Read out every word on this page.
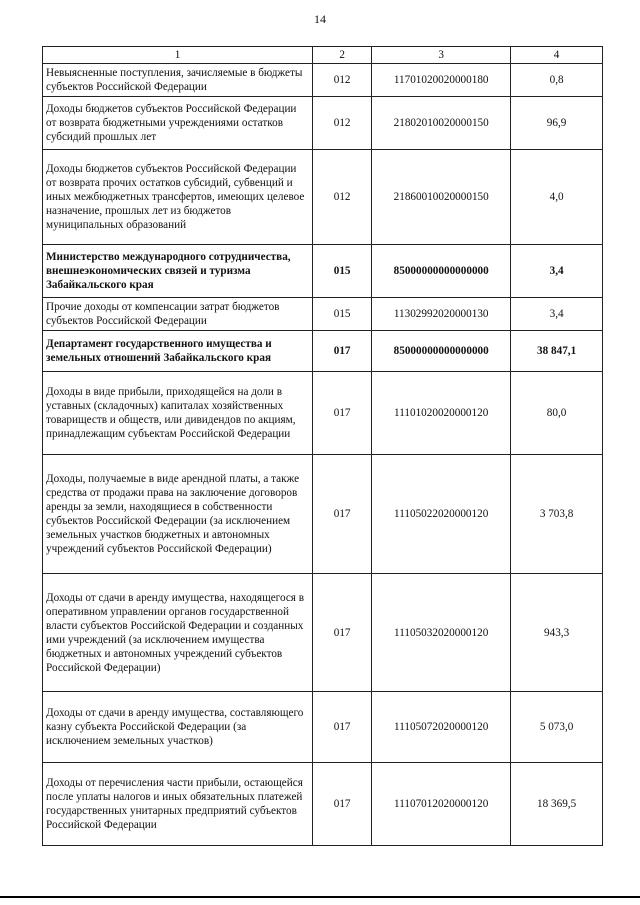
14
1	2	3	4
Невыясненные поступления, зачисляемые в бюджеты субъектов Российской Федерации	012	11701020020000180	0,8
Доходы бюджетов субъектов Российской Федерации от возврата бюджетными учреждениями остатков субсидий прошлых лет	012	21802010020000150	96,9
Доходы бюджетов субъектов Российской Федерации от возврата прочих остатков субсидий, субвенций и иных межбюджетных трансфертов, имеющих целевое назначение, прошлых лет из бюджетов муниципальных образований	012	21860010020000150	4,0
Министерство международного сотрудничества, внешнеэкономических связей и туризма Забайкальского края	015	85000000000000000	3,4
Прочие доходы от компенсации затрат бюджетов субъектов Российской Федерации	015	11302992020000130	3,4
Департамент государственного имущества и земельных отношений Забайкальского края	017	85000000000000000	38 847,1
Доходы в виде прибыли, приходящейся на доли в уставных (складочных) капиталах хозяйственных товариществ и обществ, или дивидендов по акциям, принадлежащим субъектам Российской Федерации	017	11101020020000120	80,0
Доходы, получаемые в виде арендной платы, а также средства от продажи права на заключение договоров аренды за земли, находящиеся в собственности субъектов Российской Федерации (за исключением земельных участков бюджетных и автономных учреждений субъектов Российской Федерации)	017	11105022020000120	3 703,8
Доходы от сдачи в аренду имущества, находящегося в оперативном управлении органов государственной власти субъектов Российской Федерации и созданных ими учреждений (за исключением имущества бюджетных и автономных учреждений субъектов Российской Федерации)	017	11105032020000120	943,3
Доходы от сдачи в аренду имущества, составляющего казну субъекта Российской Федерации (за исключением земельных участков)	017	11105072020000120	5 073,0
Доходы от перечисления части прибыли, остающейся после уплаты налогов и иных обязательных платежей государственных унитарных предприятий субъектов Российской Федерации	017	11107012020000120	18 369,5
